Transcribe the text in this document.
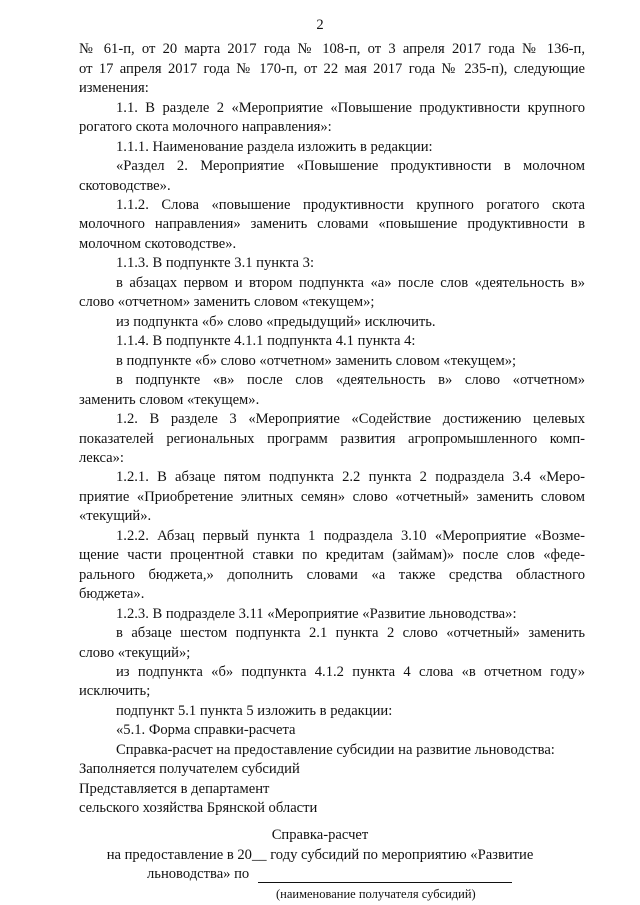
2
№ 61-п, от 20 марта 2017 года № 108-п, от 3 апреля 2017 года № 136-п,
от 17 апреля 2017 года № 170-п, от 22 мая 2017 года № 235-п), следующие
изменения:
1.1. В разделе 2 «Мероприятие «Повышение продуктивности крупного
рогатого скота молочного направления»:
1.1.1. Наименование раздела изложить в редакции:
«Раздел 2. Мероприятие «Повышение продуктивности в молочном
скотоводстве».
1.1.2. Слова «повышение продуктивности крупного рогатого скота
молочного направления» заменить словами «повышение продуктивности в
молочном скотоводстве».
1.1.3. В подпункте 3.1 пункта 3:
в абзацах первом и втором подпункта «а» после слов «деятельность в»
слово «отчетном» заменить словом «текущем»;
из подпункта «б» слово «предыдущий» исключить.
1.1.4. В подпункте 4.1.1 подпункта 4.1 пункта 4:
в подпункте «б» слово «отчетном» заменить словом «текущем»;
в подпункте «в» после слов «деятельность в» слово «отчетном»
заменить словом «текущем».
1.2. В разделе 3 «Мероприятие «Содействие достижению целевых
показателей региональных программ развития агропромышленного комп-
лекса»:
1.2.1. В абзаце пятом подпункта 2.2 пункта 2 подраздела 3.4 «Меро-
приятие «Приобретение элитных семян» слово «отчетный» заменить словом
«текущий».
1.2.2. Абзац первый пункта 1 подраздела 3.10 «Мероприятие «Возме-
щение части процентной ставки по кредитам (займам)» после слов «феде-
рального бюджета,» дополнить словами «а также средства областного
бюджета».
1.2.3. В подразделе 3.11 «Мероприятие «Развитие льноводства»:
в абзаце шестом подпункта 2.1 пункта 2 слово «отчетный» заменить
слово «текущий»;
из подпункта «б» подпункта 4.1.2 пункта 4 слова «в отчетном году»
исключить;
подпункт 5.1 пункта 5 изложить в редакции:
«5.1. Форма справки-расчета
Справка-расчет на предоставление субсидии на развитие льноводства:
Заполняется получателем субсидий
Представляется в департамент
сельского хозяйства Брянской области
Справка-расчет
на предоставление в 20__ году субсидий по мероприятию «Развитие
льноводства» по
(наименование получателя субсидий)
